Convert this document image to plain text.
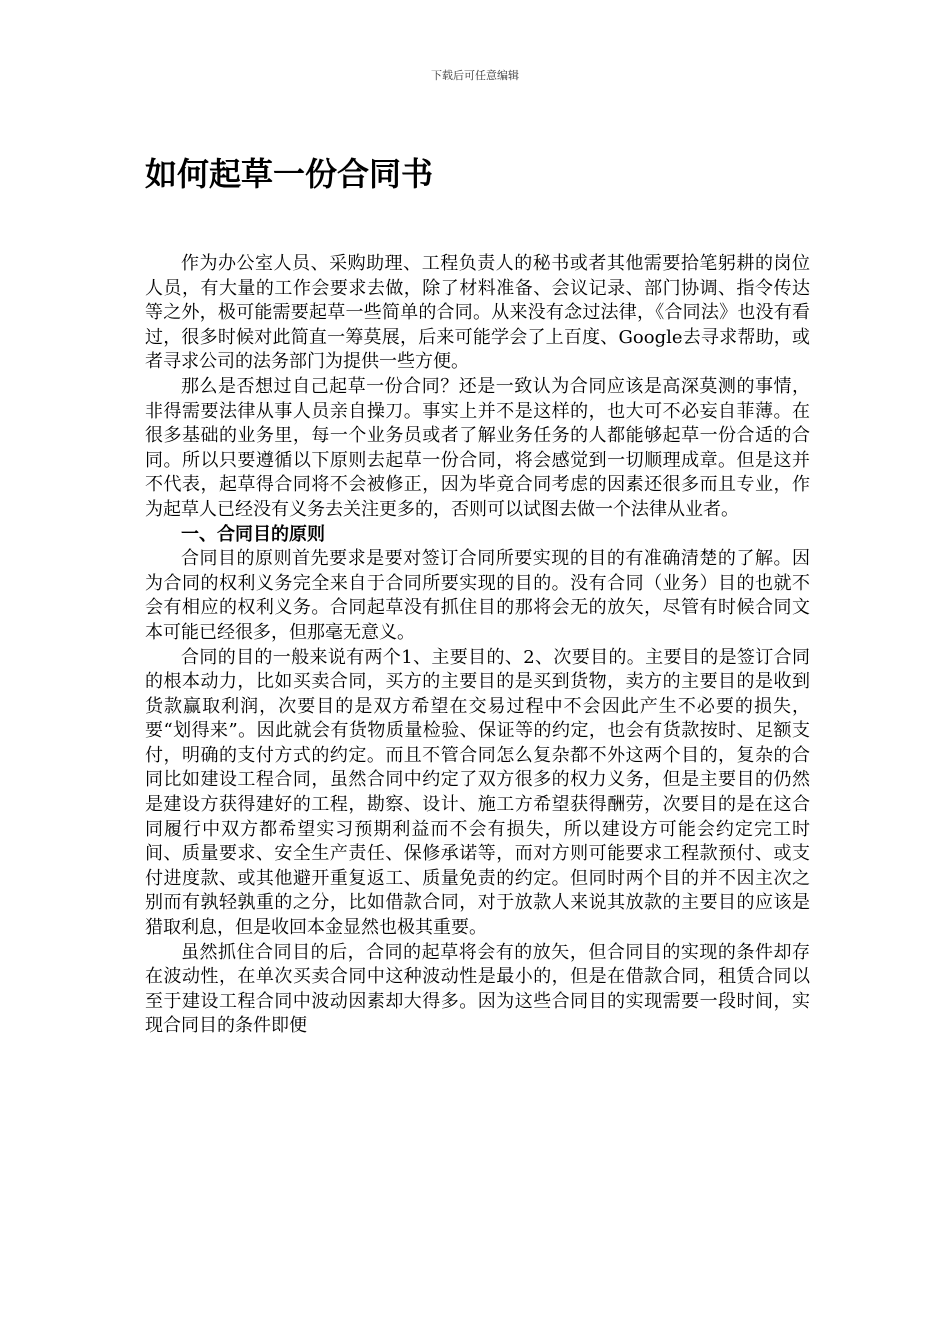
下载后可任意编辑
如何起草一份合同书

作为办公室人员、采购助理、工程负责人的秘书或者其他需要拾笔躬耕的岗位人员，有大量的工作会要求去做，除了材料准备、会议记录、部门协调、指令传达等之外，极可能需要起草一些简单的合同。从来没有念过法律，《合同法》也没有看过，很多时候对此简直一筹莫展，后来可能学会了上百度、Google去寻求帮助，或者寻求公司的法务部门为提供一些方便。

那么是否想过自己起草一份合同？还是一致认为合同应该是高深莫测的事情，非得需要法律从事人员亲自操刀。事实上并不是这样的，也大可不必妄自菲薄。在很多基础的业务里，每一个业务员或者了解业务任务的人都能够起草一份合适的合同。所以只要遵循以下原则去起草一份合同，将会感觉到一切顺理成章。但是这并不代表，起草得合同将不会被修正，因为毕竟合同考虑的因素还很多而且专业，作为起草人已经没有义务去关注更多的，否则可以试图去做一个法律从业者。

一、合同目的原则

合同目的原则首先要求是要对签订合同所要实现的目的有准确清楚的了解。因为合同的权利义务完全来自于合同所要实现的目的。没有合同（业务）目的也就不会有相应的权利义务。合同起草没有抓住目的那将会无的放矢，尽管有时候合同文本可能已经很多，但那毫无意义。

合同的目的一般来说有两个1、主要目的、2、次要目的。主要目的是签订合同的根本动力，比如买卖合同，买方的主要目的是买到货物，卖方的主要目的是收到货款赢取利润，次要目的是双方希望在交易过程中不会因此产生不必要的损失，要“划得来”。因此就会有货物质量检验、保证等的约定，也会有货款按时、足额支付，明确的支付方式的约定。而且不管合同怎么复杂都不外这两个目的，复杂的合同比如建设工程合同，虽然合同中约定了双方很多的权力义务，但是主要目的仍然是建设方获得建好的工程，勘察、设计、施工方希望获得酬劳，次要目的是在这合同履行中双方都希望实习预期利益而不会有损失，所以建设方可能会约定完工时间、质量要求、安全生产责任、保修承诺等，而对方则可能要求工程款预付、或支付进度款、或其他避开重复返工、质量免责的约定。但同时两个目的并不因主次之别而有孰轻孰重的之分，比如借款合同，对于放款人来说其放款的主要目的应该是猎取利息，但是收回本金显然也极其重要。

虽然抓住合同目的后，合同的起草将会有的放矢，但合同目的实现的条件却存在波动性，在单次买卖合同中这种波动性是最小的，但是在借款合同，租赁合同以至于建设工程合同中波动因素却大得多。因为这些合同目的实现需要一段时间，实现合同目的条件即便
